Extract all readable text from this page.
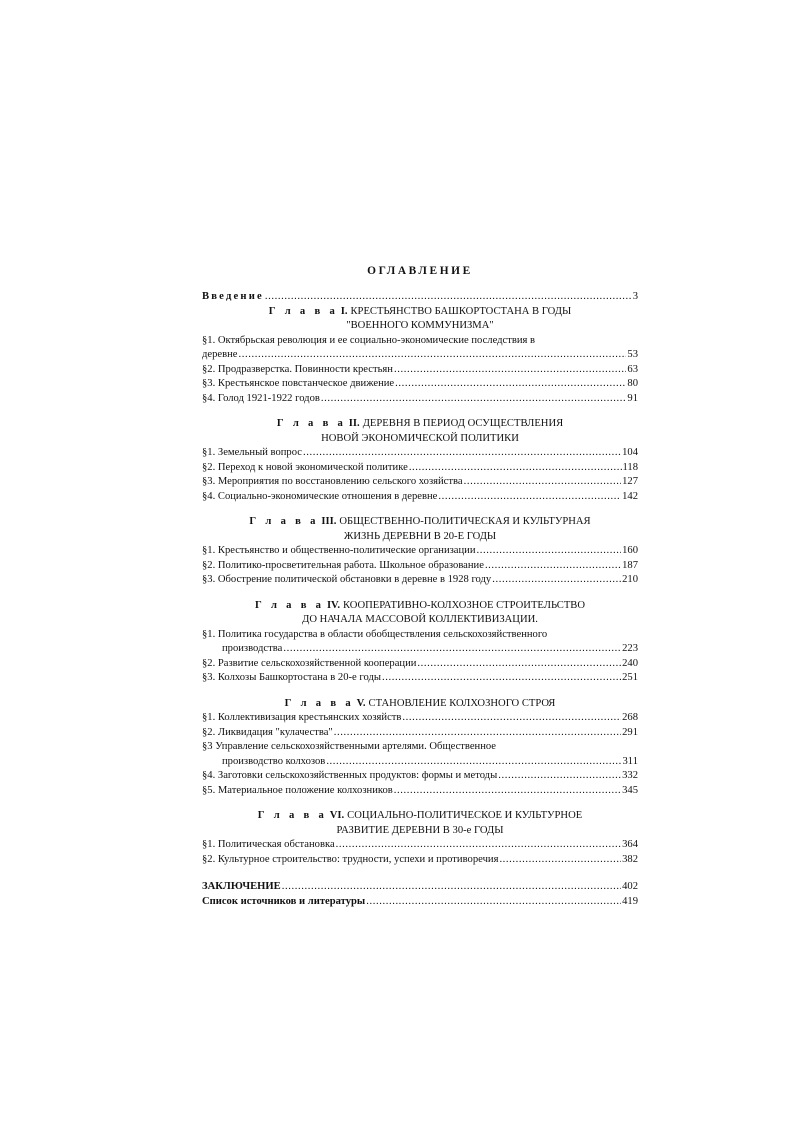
ОГЛАВЛЕНИЕ
Введение .....	3
Г л а в а I. КРЕСТЬЯНСТВО БАШКОРТОСТАНА В ГОДЫ
"ВОЕННОГО КОММУНИЗМА"
§1. Октябрьская революция и ее социально-экономические последствия в
деревне .....	53
§2. Продразверстка. Повинности крестьян .....	63
§3. Крестьянское повстанческое движение .....	80
§4. Голод 1921-1922 годов .....	91
Г л а в а II. ДЕРЕВНЯ В ПЕРИОД ОСУЩЕСТВЛЕНИЯ
НОВОЙ ЭКОНОМИЧЕСКОЙ ПОЛИТИКИ
§1. Земельный вопрос .....	104
§2. Переход к новой экономической политике .....	118
§3. Мероприятия по восстановлению сельского хозяйства .....	127
§4. Социально-экономические отношения в деревне .....	142
Г л а в а III. ОБЩЕСТВЕННО-ПОЛИТИЧЕСКАЯ И КУЛЬТУРНАЯ
ЖИЗНЬ ДЕРЕВНИ В 20-Е ГОДЫ
§1. Крестьянство и общественно-политические организации .....	160
§2. Политико-просветительная работа. Школьное образование .....	187
§3. Обострение политической обстановки в деревне в 1928 году .....	210
Г л а в а IV. КООПЕРАТИВНО-КОЛХОЗНОЕ СТРОИТЕЛЬСТВО
ДО НАЧАЛА МАССОВОЙ КОЛЛЕКТИВИЗАЦИИ.
§1. Политика государства в области обобществления сельскохозяйственного
производства .....	223
§2. Развитие сельскохозяйственной кооперации .....	240
§3. Колхозы Башкортостана в 20-е годы .....	251
Г л а в а V. СТАНОВЛЕНИЕ КОЛХОЗНОГО СТРОЯ
§1. Коллективизация крестьянских хозяйств .....	268
§2. Ликвидация "кулачества" .....	291
§3 Управление сельскохозяйственными артелями. Общественное
производство колхозов .....	311
§4. Заготовки сельскохозяйственных продуктов: формы и методы .....	332
§5. Материальное положение колхозников .....	345
Г л а в а VI. СОЦИАЛЬНО-ПОЛИТИЧЕСКОЕ И КУЛЬТУРНОЕ
РАЗВИТИЕ ДЕРЕВНИ В 30-е ГОДЫ
§1. Политическая обстановка .....	364
§2. Культурное строительство: трудности, успехи и противоречия .....	382
ЗАКЛЮЧЕНИЕ .....	402
Список источников и литературы .....	419
